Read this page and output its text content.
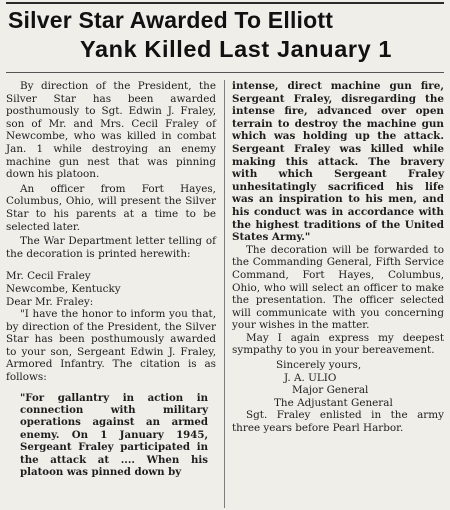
Silver Star Awarded To Elliott
Yank Killed Last January 1

By direction of the President, the Silver Star has been awarded posthumously to Sgt. Edwin J. Fraley, son of Mr. and Mrs. Cecil Fraley of Newcombe, who was killed in combat Jan. 1 while destroying an enemy machine gun nest that was pinning down his platoon.

An officer from Fort Hayes, Columbus, Ohio, will present the Silver Star to his parents at a time to be selected later.

The War Department letter telling of the decoration is printed herewith:

Mr. Cecil Fraley

Newcombe, Kentucky

Dear Mr. Fraley:

"I have the honor to inform you that, by direction of the President, the Silver Star has been posthumously awarded to your son, Sergeant Edwin J. Fraley, Armored Infantry. The citation is as follows:

"For gallantry in action in connection with military operations against an armed enemy. On 1 January 1945, Sergeant Fraley participated in the attack at .... When his platoon was pinned down by

intense, direct machine gun fire, Sergeant Fraley, disregarding the intense fire, advanced over open terrain to destroy the machine gun which was holding up the attack. Sergeant Fraley was killed while making this attack. The bravery with which Sergeant Fraley unhesitatingly sacrificed his life was an inspiration to his men, and his conduct was in accordance with the highest traditions of the United States Army."

The decoration will be forwarded to the Commanding General, Fifth Service Command, Fort Hayes, Columbus, Ohio, who will select an officer to make the presentation. The officer selected will communicate with you concerning your wishes in the matter.

May I again express my deepest sympathy to you in your bereavement.

Sincerely yours,

J. A. ULIO

Major General

The Adjustant General

Sgt. Fraley enlisted in the army three years before Pearl Harbor.
